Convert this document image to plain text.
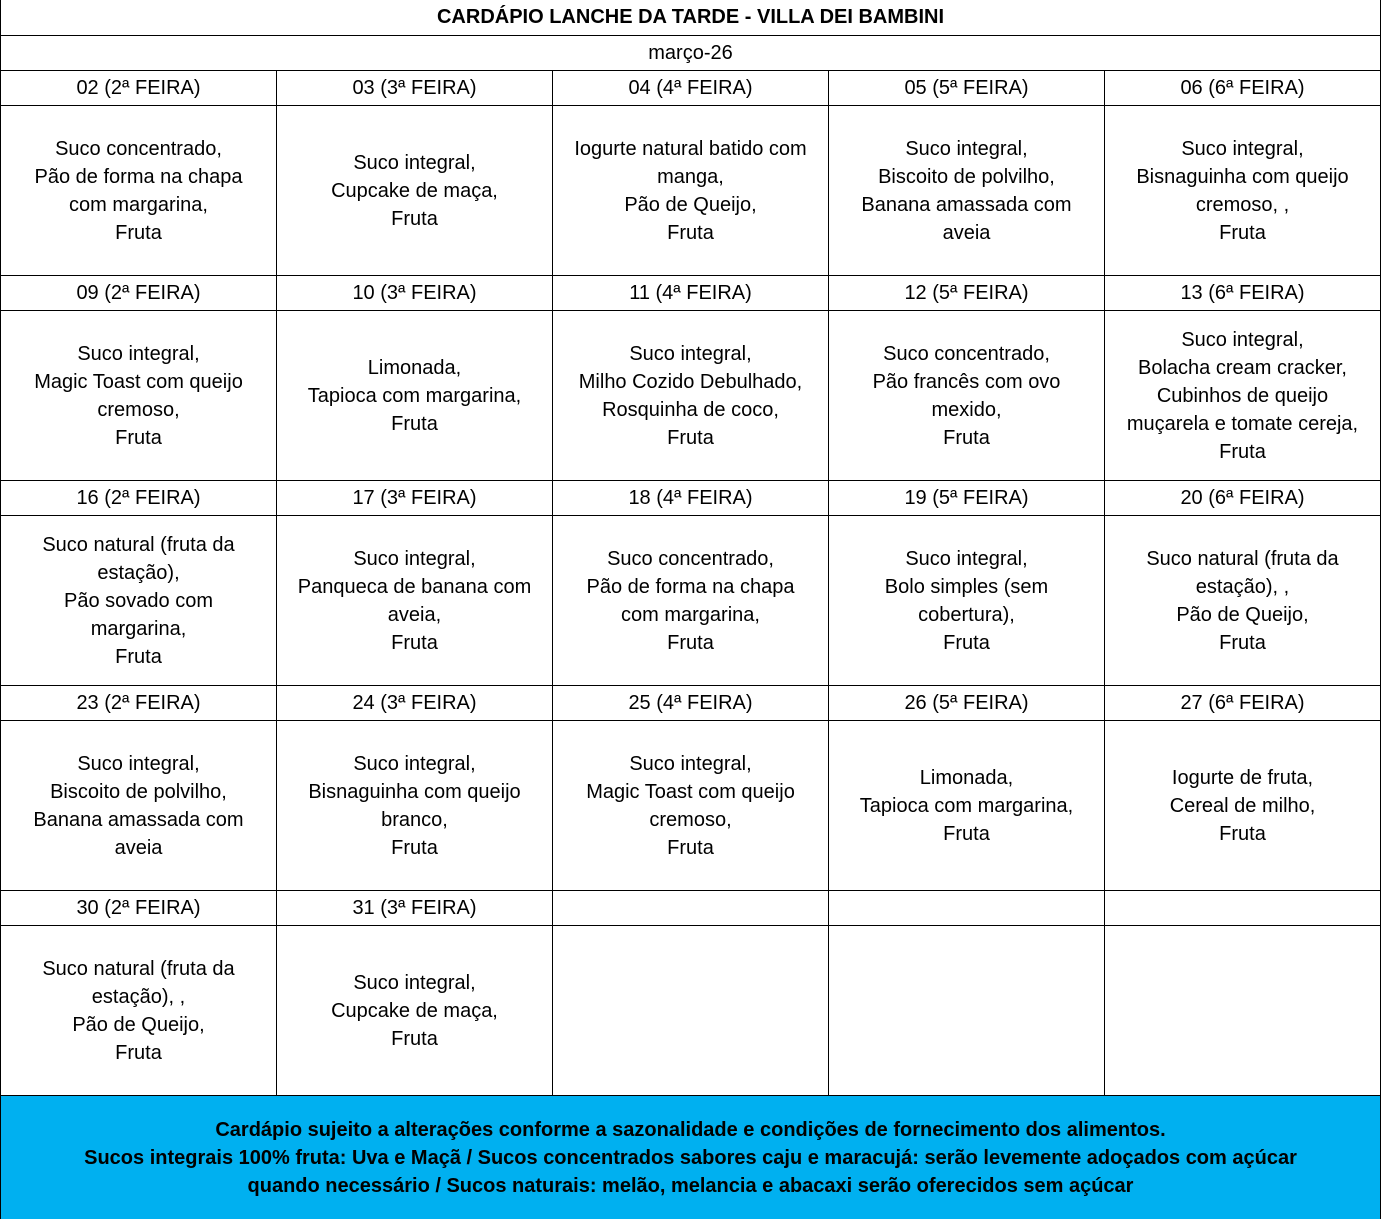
CARDÁPIO LANCHE DA TARDE - VILLA DEI BAMBINI
março-26
02 (2ª FEIRA)
Suco concentrado,
Pão de forma na chapa
com margarina,
Fruta
03 (3ª FEIRA)
Suco integral,
Cupcake de maça,
Fruta
04 (4ª FEIRA)
Iogurte natural batido com
manga,
Pão de Queijo,
Fruta
05 (5ª FEIRA)
Suco integral,
Biscoito de polvilho,
Banana amassada com
aveia
06 (6ª FEIRA)
Suco integral,
Bisnaguinha com queijo
cremoso, ,
Fruta
09 (2ª FEIRA)
Suco integral,
Magic Toast com queijo
cremoso,
Fruta
10 (3ª FEIRA)
Limonada,
Tapioca com margarina,
Fruta
11 (4ª FEIRA)
Suco integral,
Milho Cozido Debulhado,
Rosquinha de coco,
Fruta
12 (5ª FEIRA)
Suco concentrado,
Pão francês com ovo
mexido,
Fruta
13 (6ª FEIRA)
Suco integral,
Bolacha cream cracker,
Cubinhos de queijo
muçarela e tomate cereja,
Fruta
16 (2ª FEIRA)
Suco natural (fruta da
estação),
Pão sovado com
margarina,
Fruta
17 (3ª FEIRA)
Suco integral,
Panqueca de banana com
aveia,
Fruta
18 (4ª FEIRA)
Suco concentrado,
Pão de forma na chapa
com margarina,
Fruta
19 (5ª FEIRA)
Suco integral,
Bolo simples (sem
cobertura),
Fruta
20 (6ª FEIRA)
Suco natural (fruta da
estação), ,
Pão de Queijo,
Fruta
23 (2ª FEIRA)
Suco integral,
Biscoito de polvilho,
Banana amassada com
aveia
24 (3ª FEIRA)
Suco integral,
Bisnaguinha com queijo
branco,
Fruta
25 (4ª FEIRA)
Suco integral,
Magic Toast com queijo
cremoso,
Fruta
26 (5ª FEIRA)
Limonada,
Tapioca com margarina,
Fruta
27 (6ª FEIRA)
Iogurte de fruta,
Cereal de milho,
Fruta
30 (2ª FEIRA)
Suco natural (fruta da
estação), ,
Pão de Queijo,
Fruta
31 (3ª FEIRA)
Suco integral,
Cupcake de maça,
Fruta
Cardápio sujeito a alterações conforme a sazonalidade e condições de fornecimento dos alimentos.
Sucos integrais 100% fruta: Uva e Maçã / Sucos concentrados sabores caju e maracujá: serão levemente adoçados com açúcar
quando necessário / Sucos naturais: melão, melancia e abacaxi serão oferecidos sem açúcar
